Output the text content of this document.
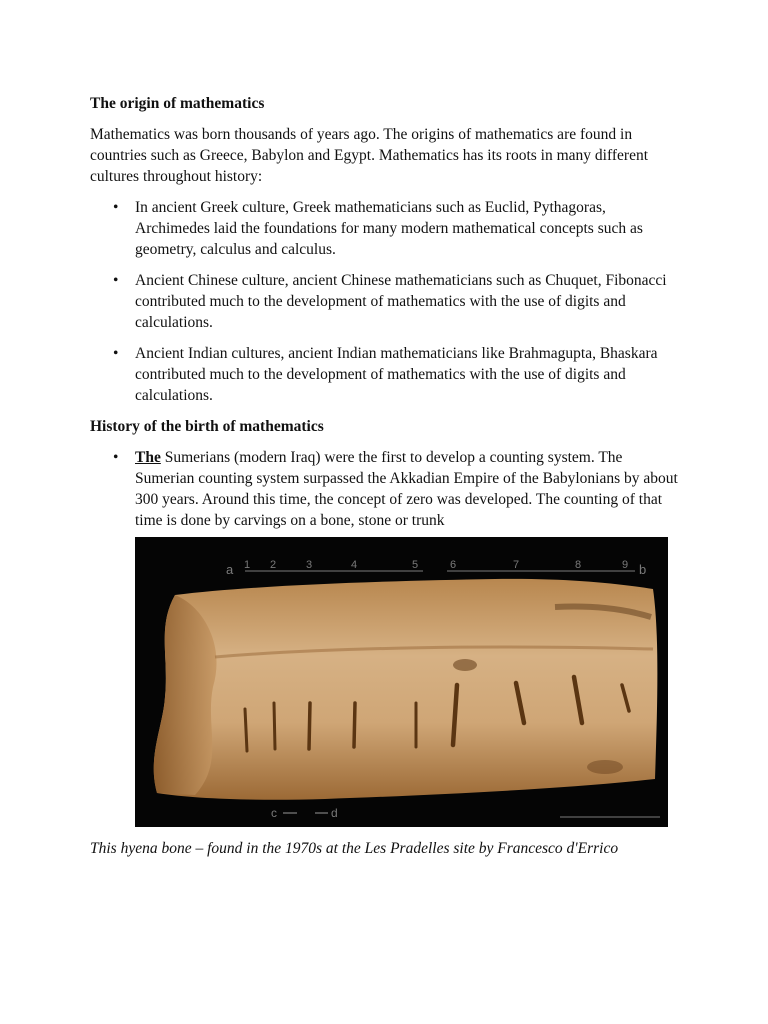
The origin of mathematics

Mathematics was born thousands of years ago. The origins of mathematics are found in countries such as Greece, Babylon and Egypt. Mathematics has its roots in many different cultures throughout history:

• In ancient Greek culture, Greek mathematicians such as Euclid, Pythagoras, Archimedes laid the foundations for many modern mathematical concepts such as geometry, calculus and calculus.
• Ancient Chinese culture, ancient Chinese mathematicians such as Chuquet, Fibonacci contributed much to the development of mathematics with the use of digits and calculations.
• Ancient Indian cultures, ancient Indian mathematicians like Brahmagupta, Bhaskara contributed much to the development of mathematics with the use of digits and calculations.
History of the birth of mathematics
• The Sumerians (modern Iraq) were the first to develop a counting system. The Sumerian counting system surpassed the Akkadian Empire of the Babylonians by about 300 years. Around this time, the concept of zero was developed. The counting of that time is done by carvings on a bone, stone or trunk
a	b
1 2	3	4	5	6	7	8	9
c	d

This hyena bone – found in the 1970s at the Les Pradelles site by Francesco d'Errico
